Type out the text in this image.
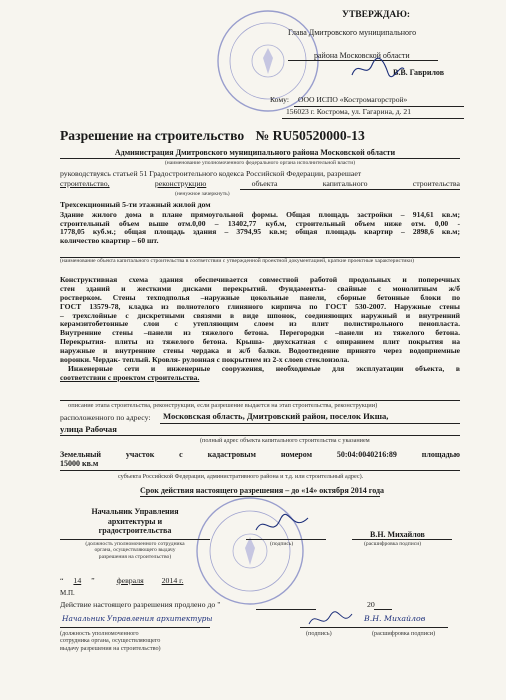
УТВЕРЖДАЮ:
Глава Дмитровского муниципального
района Московской области
В.В. Гаврилов
Кому: ООО ИСПО «Костромагорстрой»
156023 г. Кострома, ул. Гагарина, д. 21
Разрешение на строительство № RU50520000-13
Администрация Дмитровского муниципального района Московской области
(наименование уполномоченного федерального органа исполнительной власти)
руководствуясь статьей 51 Градостроительного кодекса Российской Федерации, разрешает
строительство,	реконструкцию	объекта	капитального	строительства
(ненужное зачеркнуть)
Трехсекционный 5-ти этажный жилой дом
Здание жилого дома в плане прямоугольной формы. Общая площадь застройки – 914,61 кв.м;
строительный объем выше отм.0,00 – 13402,77 куб.м, строительный объем ниже отм. 0,00 -
1778,05 куб.м.; общая площадь здания – 3794,95 кв.м; общая площадь квартир – 2898,6 кв.м;
количество квартир – 60 шт.
(наименование объекта капитального строительства в соответствии с утвержденной проектной документацией, краткие проектные характеристики)
Конструктивная схема здания обеспечивается совместной работой продольных и поперечных
стен зданий и жесткими дисками перекрытий. Фундаменты- свайные с монолитным ж/б
ростверком. Стены техподполья –наружные цокольные панели, сборные бетонные блоки по
ГОСТ 13579-78, кладка из полнотелого глиняного кирпича по ГОСТ 530-2007. Наружные стены
– трехслойные с дискретными связями в виде шпонок, соединяющих наружный и внутренний
керамзитобетонные слои с утепляющим слоем из плит полистирольного пенопласта.
Внутренние стены –панели из тяжелого бетона. Перегородки –панели из тяжелого бетона.
Перекрытия- плиты из тяжелого бетона. Крыша- двухскатная с опиранием плит покрытия на
наружные и внутренние стены чердака и ж/б балки. Водоотведение принято через водоприемные
воронки. Чердак- теплый. Кровля- рулонная с покрытием из 2-х слоев стеклоизола.
Инженерные сети и инженерные сооружения, необходимые для эксплуатации объекта, в
соответствии с проектом строительства.
описание этапа строительства, реконструкции, если разрешение выдается на этап строительства, реконструкции)
расположенного по адресу: Московская область, Дмитровский район, поселок Икша,
улица Рабочая
(полный адрес объекта капитального строительства с указанием
Земельный участок с кадастровым номером 50:04:0040216:89 площадью
15000 кв.м
субъекта Российской Федерации, административного района и т.д. или строительный адрес).
Срок действия настоящего разрешения – до «14» октября 2014 года
Начальник Управления
архитектуры и
градостроительства
(должность уполномоченного сотрудника
органа, осуществляющего выдачу
разрешения на строительство)
(подпись)
В.Н. Михайлов
(расшифровка подписи)
“ 14 ”	февраля 2014 г.
М.П.
Действие настоящего разрешения продлено до "	20
Начальник Управления архитектуры	В.Н. Михайлов
(должность уполномоченного
сотрудника органа, осуществляющего
выдачу разрешения на строительство)
(подпись)	(расшифровка подписи)
